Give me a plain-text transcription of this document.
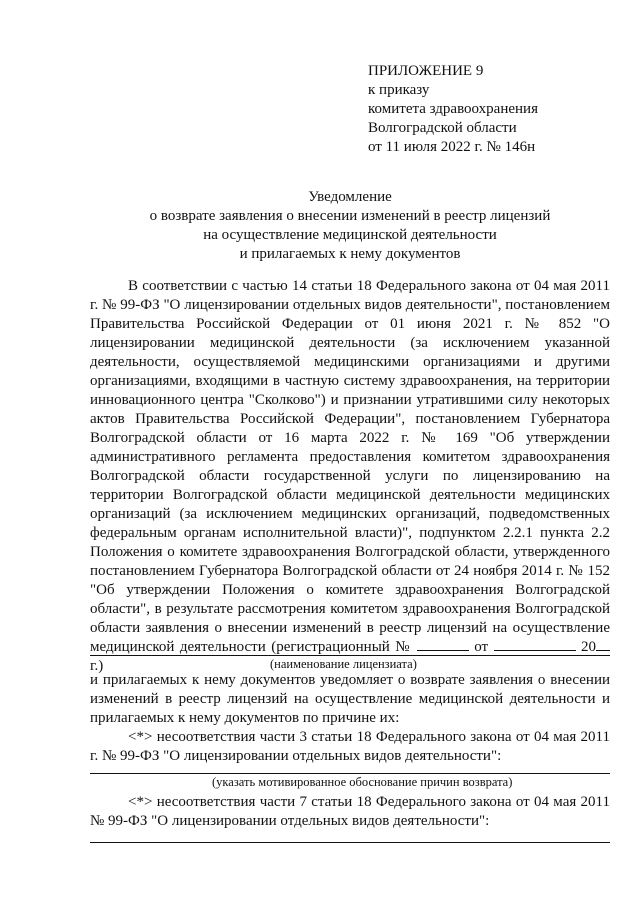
ПРИЛОЖЕНИЕ 9
к приказу
комитета здравоохранения
Волгоградской области
от 11 июля 2022 г. № 146н
Уведомление
о возврате заявления о внесении изменений в реестр лицензий
на осуществление медицинской деятельности
и прилагаемых к нему документов
В соответствии с частью 14 статьи 18 Федерального закона от 04 мая 2011 г. № 99-ФЗ "О лицензировании отдельных видов деятельности", постановлением Правительства Российской Федерации от 01 июня 2021 г. № 852 "О лицензировании медицинской деятельности (за исключением указанной деятельности, осуществляемой медицинскими организациями и другими организациями, входящими в частную систему здравоохранения, на территории инновационного центра "Сколково") и признании утратившими силу некоторых актов Правительства Российской Федерации", постановлением Губернатора Волгоградской области от 16 марта 2022 г. № 169 "Об утверждении административного регламента предоставления комитетом здравоохранения Волгоградской области государственной услуги по лицензированию на территории Волгоградской области медицинской деятельности медицинских организаций (за исключением медицинских организаций, подведомственных федеральным органам исполнительной власти)", подпунктом 2.2.1 пункта 2.2 Положения о комитете здравоохранения Волгоградской области, утвержденного постановлением Губернатора Волгоградской области от 24 ноября 2014 г. № 152 "Об утверждении Положения о комитете здравоохранения Волгоградской области", в результате рассмотрения комитетом здравоохранения Волгоградской области заявления о внесении изменений в реестр лицензий на осуществление медицинской деятельности (регистрационный №	от	20 г.)	(наименование лицензиата)
и прилагаемых к нему документов уведомляет о возврате заявления о внесении изменений в реестр лицензий на осуществление медицинской деятельности и прилагаемых к нему документов по причине их:
<*> несоответствия части 3 статьи 18 Федерального закона от 04 мая 2011 г. № 99-ФЗ "О лицензировании отдельных видов деятельности":
(указать мотивированное обоснование причин возврата)
<*> несоответствия части 7 статьи 18 Федерального закона от 04 мая 2011 № 99-ФЗ "О лицензировании отдельных видов деятельности":
